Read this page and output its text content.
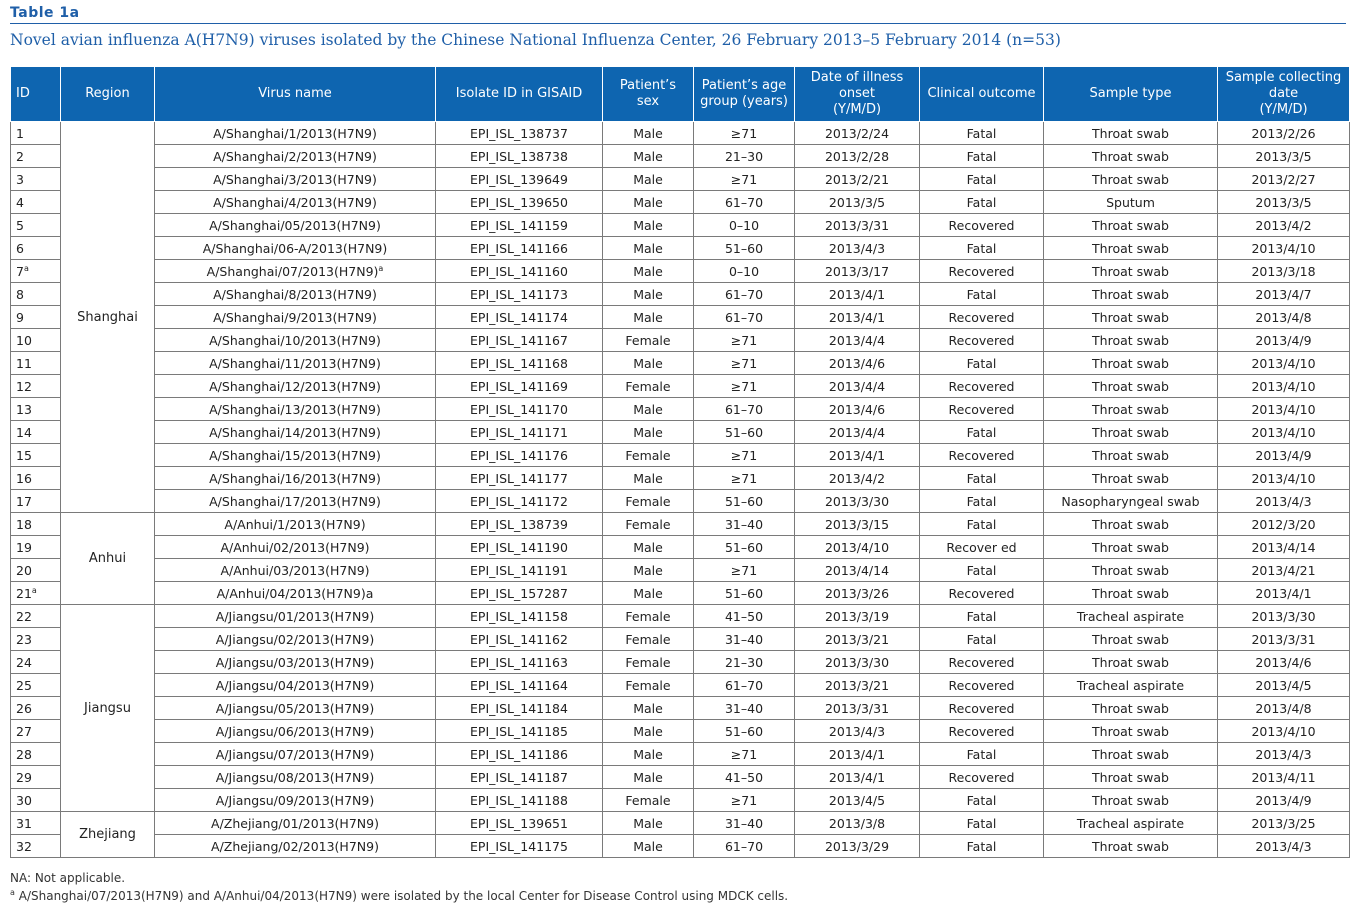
Table 1a
Novel avian influenza A(H7N9) viruses isolated by the Chinese National Influenza Center, 26 February 2013–5 February 2014 (n=53)
ID	Region	Virus name	Isolate ID in GISAID	Patient’s
sex	Patient’s age
group (years)	Date of illness
onset
(Y/M/D)	Clinical outcome	Sample type	Sample collecting
date
(Y/M/D)
1	Shanghai	A/Shanghai/1/2013(H7N9)	EPI_ISL_138737	Male	≥71	2013/2/24	Fatal	Throat swab	2013/2/26
2		A/Shanghai/2/2013(H7N9)	EPI_ISL_138738	Male	21–30	2013/2/28	Fatal	Throat swab	2013/3/5
3		A/Shanghai/3/2013(H7N9)	EPI_ISL_139649	Male	≥71	2013/2/21	Fatal	Throat swab	2013/2/27
4		A/Shanghai/4/2013(H7N9)	EPI_ISL_139650	Male	61–70	2013/3/5	Fatal	Sputum	2013/3/5
5		A/Shanghai/05/2013(H7N9)	EPI_ISL_141159	Male	0–10	2013/3/31	Recovered	Throat swab	2013/4/2
6		A/Shanghai/06-A/2013(H7N9)	EPI_ISL_141166	Male	51–60	2013/4/3	Fatal	Throat swab	2013/4/10
7$^a$		$A/Shanghai/07/2013(H7N9)^a$	EPI_ISL_141160	Male	0–10	2013/3/17	Recovered	Throat swab	2013/3/18
8		A/Shanghai/8/2013(H7N9)	EPI_ISL_141173	Male	61–70	2013/4/1	Fatal	Throat swab	2013/4/7
9		A/Shanghai/9/2013(H7N9)	EPI_ISL_141174	Male	61–70	2013/4/1	Recovered	Throat swab	2013/4/8
10		A/Shanghai/10/2013(H7N9)	EPI_ISL_141167	Female	≥71	2013/4/4	Recovered	Throat swab	2013/4/9
11		A/Shanghai/11/2013(H7N9)	EPI_ISL_141168	Male	≥71	2013/4/6	Fatal	Throat swab	2013/4/10
12		A/Shanghai/12/2013(H7N9)	EPI_ISL_141169	Female	≥71	2013/4/4	Recovered	Throat swab	2013/4/10
13		A/Shanghai/13/2013(H7N9)	EPI_ISL_141170	Male	61–70	2013/4/6	Recovered	Throat swab	2013/4/10
14		A/Shanghai/14/2013(H7N9)	EPI_ISL_141171	Male	51–60	2013/4/4	Fatal	Throat swab	2013/4/10
15		A/Shanghai/15/2013(H7N9)	EPI_ISL_141176	Female	≥71	2013/4/1	Recovered	Throat swab	2013/4/9
16		A/Shanghai/16/2013(H7N9)	EPI_ISL_141177	Male	≥71	2013/4/2	Fatal	Throat swab	2013/4/10
17		A/Shanghai/17/2013(H7N9)	EPI_ISL_141172	Female	51–60	2013/3/30	Fatal	Nasopharyngeal swab	2013/4/3
18	Anhui	A/Anhui/1/2013(H7N9)	EPI_ISL_138739	Female	31–40	2013/3/15	Fatal	Throat swab	2012/3/20
19		A/Anhui/02/2013(H7N9)	EPI_ISL_141190	Male	51–60	2013/4/10	Recover ed	Throat swab	2013/4/14
20		A/Anhui/03/2013(H7N9)	EPI_ISL_141191	Male	≥71	2013/4/14	Fatal	Throat swab	2013/4/21
21$^a$		A/Anhui/04/2013(H7N9)a	EPI_ISL_157287	Male	51–60	2013/3/26	Recovered	Throat swab	2013/4/1
22	Jiangsu	A/Jiangsu/01/2013(H7N9)	EPI_ISL_141158	Female	41–50	2013/3/19	Fatal	Tracheal aspirate	2013/3/30
23		A/Jiangsu/02/2013(H7N9)	EPI_ISL_141162	Female	31–40	2013/3/21	Fatal	Throat swab	2013/3/31
24		A/Jiangsu/03/2013(H7N9)	EPI_ISL_141163	Female	21–30	2013/3/30	Recovered	Throat swab	2013/4/6
25		A/Jiangsu/04/2013(H7N9)	EPI_ISL_141164	Female	61–70	2013/3/21	Recovered	Tracheal aspirate	2013/4/5
26		A/Jiangsu/05/2013(H7N9)	EPI_ISL_141184	Male	31–40	2013/3/31	Recovered	Throat swab	2013/4/8
27		A/Jiangsu/06/2013(H7N9)	EPI_ISL_141185	Male	51–60	2013/4/3	Recovered	Throat swab	2013/4/10
28		A/Jiangsu/07/2013(H7N9)	EPI_ISL_141186	Male	≥71	2013/4/1	Fatal	Throat swab	2013/4/3
29		A/Jiangsu/08/2013(H7N9)	EPI_ISL_141187	Male	41–50	2013/4/1	Recovered	Throat swab	2013/4/11
30		A/Jiangsu/09/2013(H7N9)	EPI_ISL_141188	Female	≥71	2013/4/5	Fatal	Throat swab	2013/4/9
31	Zhejiang	A/Zhejiang/01/2013(H7N9)	EPI_ISL_139651	Male	31–40	2013/3/8	Fatal	Tracheal aspirate	2013/3/25
32		A/Zhejiang/02/2013(H7N9)	EPI_ISL_141175	Male	61–70	2013/3/29	Fatal	Throat swab	2013/4/3
NA: Not applicable.
$^a$ A/Shanghai/07/2013(H7N9) and A/Anhui/04/2013(H7N9) were isolated by the local Center for Disease Control using MDCK cells.
